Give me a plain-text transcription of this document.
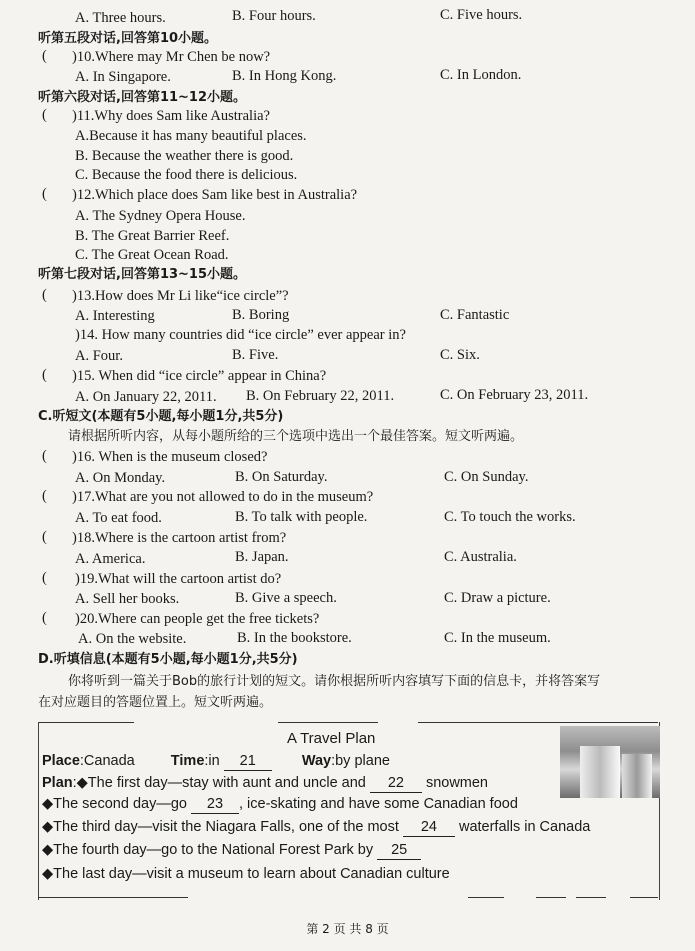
A. Three hours.	B. Four hours.	C. Five hours.
听第五段对话,回答第10小题。
( )10.Where may Mr Chen be now?
A. In Singapore.	B. In Hong Kong.	C. In London.
听第六段对话,回答第11~12小题。
( )11.Why does Sam like Australia?
A.Because it has many beautiful places.
B. Because the weather there is good.
C. Because the food there is delicious.
( )12.Which place does Sam like best in Australia?
A. The Sydney Opera House.
B. The Great Barrier Reef.
C. The Great Ocean Road.
听第七段对话,回答第13~15小题。
( )13.How does Mr Li like“ice circle”?
A. Interesting	B. Boring	C. Fantastic
)14. How many countries did “ice circle” ever appear in?
A. Four.	B. Five.	C. Six.
( )15. When did “ice circle” appear in China?
A. On January 22, 2011. B. On February 22, 2011.	C. On February 23, 2011.
C.听短文(本题有5小题,每小题1分,共5分)
请根据所听内容，从每小题所给的三个选项中选出一个最佳答案。短文听两遍。
( )16. When is the museum closed?
A. On Monday.	B. On Saturday.	C. On Sunday.
( )17.What are you not allowed to do in the museum?
A. To eat food.	B. To talk with people.	C. To touch the works.
( )18.Where is the cartoon artist from?
A. America.	B. Japan.	C. Australia.
( )19.What will the cartoon artist do?
A. Sell her books.	B. Give a speech.	C. Draw a picture.
( )20.Where can people get the free tickets?
A. On the website.	B. In the bookstore.	C. In the museum.
D.听填信息(本题有5小题,每小题1分,共5分)
你将听到一篇关于Bob的旅行计划的短文。请你根据所听内容填写下面的信息卡，并将答案写
在对应题目的答题位置上。短文听两遍。
A Travel Plan
Place:Canada Time:in 21	Way:by plane
Plan:◆The first day—stay with aunt and uncle and 22 snowmen
◆The second day—go 23 , ice-skating and have some Canadian food
◆The third day—visit the Niagara Falls, one of the most 24 waterfalls in Canada
◆The fourth day—go to the National Forest Park by 25
◆The last day—visit a museum to learn about Canadian culture
第 2 页 共 8 页
